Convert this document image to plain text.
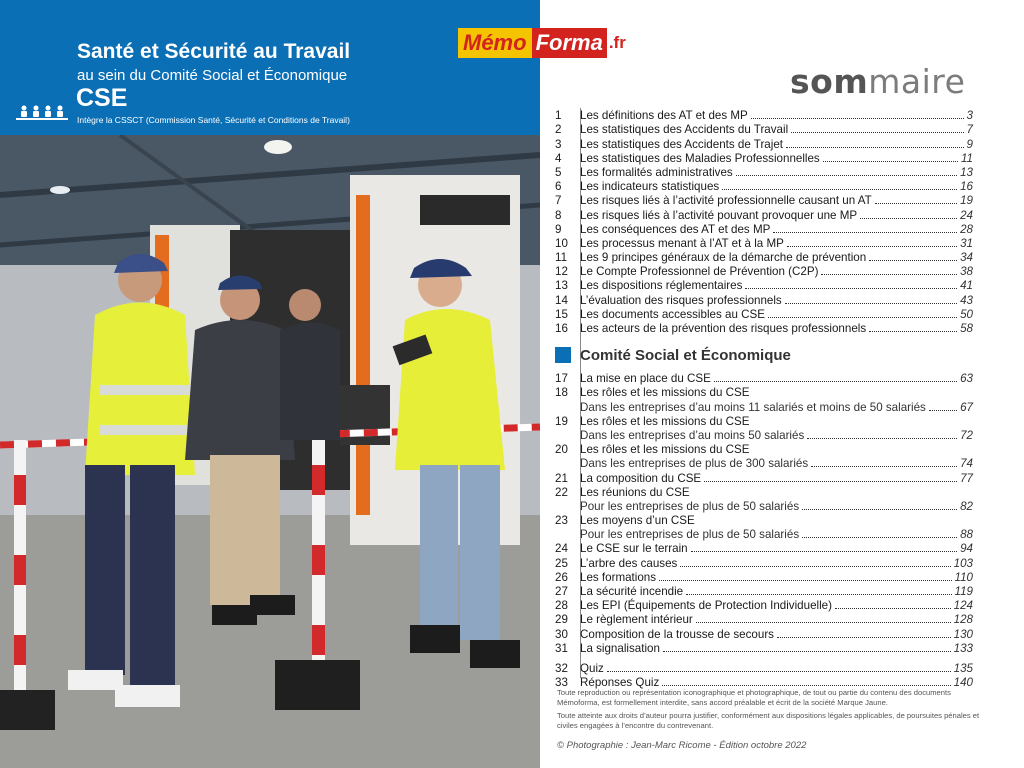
Santé et Sécurité au Travail
au sein du Comité Social et Économique
CSE
Intègre la CSSCT (Commission Santé, Sécurité et Conditions de Travail)
Mémo Forma .fr
sommaire
1	Les définitions des AT et des MP	3
2	Les statistiques des Accidents du Travail	7
3	Les statistiques des Accidents de Trajet	9
4	Les statistiques des Maladies Professionnelles	11
5	Les formalités administratives	13
6	Les indicateurs statistiques	16
7	Les risques liés à l’activité professionnelle causant un AT	19
8	Les risques liés à l’activité pouvant provoquer une MP	24
9	Les conséquences des AT et des MP	28
10	Les processus menant à l’AT et à la MP	31
11	Les 9 principes généraux de la démarche de prévention	34
12	Le Compte Professionnel de Prévention (C2P)	38
13	Les dispositions réglementaires	41
14	L’évaluation des risques professionnels	43
15	Les documents accessibles au CSE	50
16	Les acteurs de la prévention des risques professionnels	58
Comité Social et Économique
17	La mise en place du CSE	63
18	Les rôles et les missions du CSE
Dans les entreprises d’au moins 11 salariés et moins de 50 salariés	67
19	Les rôles et les missions du CSE
Dans les entreprises d’au moins 50 salariés	72
20	Les rôles et les missions du CSE
Dans les entreprises de plus de 300 salariés	74
21	La composition du CSE	77
22	Les réunions du CSE
Pour les entreprises de plus de 50 salariés	82
23	Les moyens d’un CSE
Pour les entreprises de plus de 50 salariés	88
24	Le CSE sur le terrain	94
25	L’arbre des causes	103
26	Les formations	110
27	La sécurité incendie	119
28	Les EPI (Équipements de Protection Individuelle)	124
29	Le règlement intérieur	128
30	Composition de la trousse de secours	130
31	La signalisation	133
32	Quiz	135
33	Réponses Quiz	140
Toute reproduction ou représentation iconographique et photographique, de tout ou partie du contenu des documents Mémoforma, est formellement interdite, sans accord préalable et écrit de la société Marque Jaune.
Toute atteinte aux droits d’auteur pourra justifier, conformément aux dispositions légales applicables, de poursuites pénales et civiles engagées à l’encontre du contrevenant.
© Photographie : Jean-Marc Ricome - Édition octobre 2022
